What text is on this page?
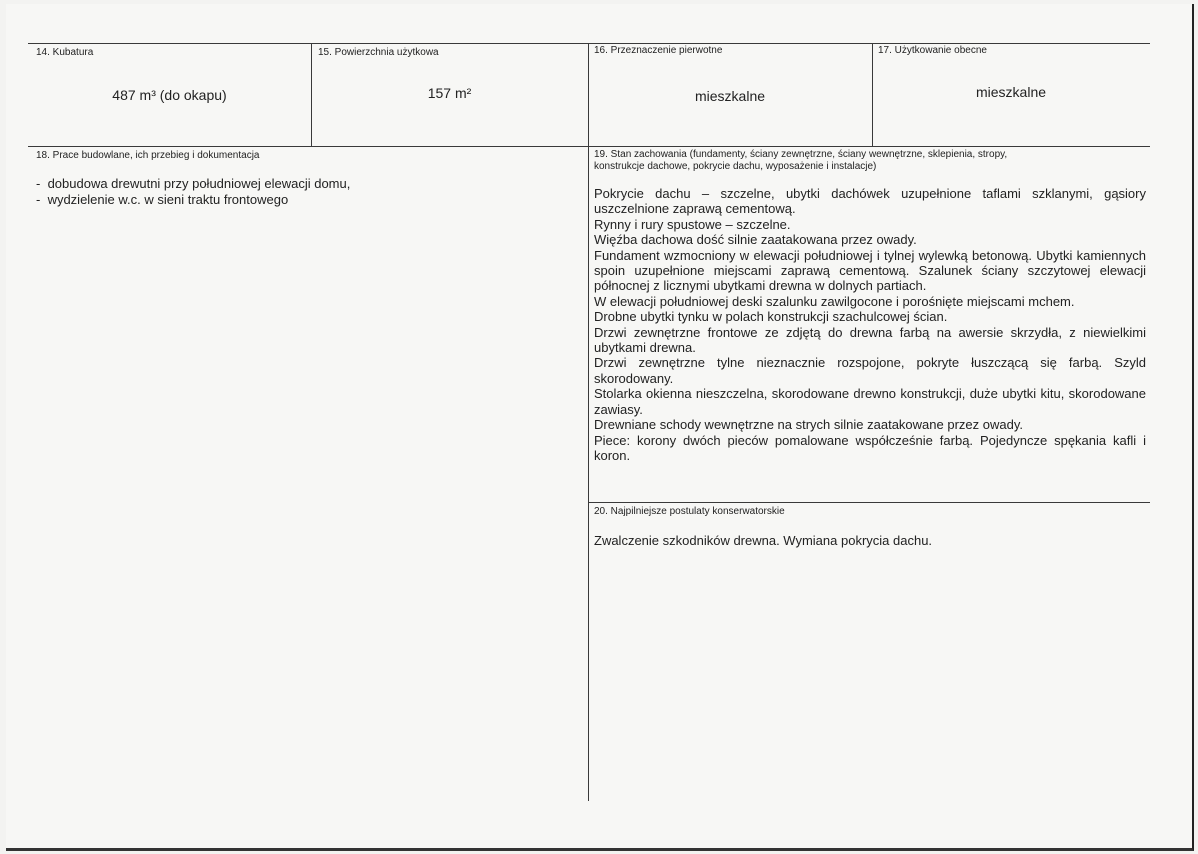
14. Kubatura
487 m³ (do okapu)
15. Powierzchnia użytkowa
157 m²
16. Przeznaczenie pierwotne
mieszkalne
17. Użytkowanie obecne
mieszkalne
18. Prace budowlane, ich przebieg i dokumentacja
-  dobudowa drewutni przy południowej elewacji domu,
-  wydzielenie w.c. w sieni traktu frontowego
19. Stan zachowania (fundamenty, ściany zewnętrzne, ściany wewnętrzne, sklepienia, stropy,
konstrukcje dachowe, pokrycie dachu, wyposażenie i instalacje)
Pokrycie dachu – szczelne, ubytki dachówek uzupełnione taflami szklanymi, gąsiory uszczelnione zaprawą cementową.
Rynny i rury spustowe – szczelne.
Więźba dachowa dość silnie zaatakowana przez owady.
Fundament wzmocniony w elewacji południowej i tylnej wylewką betonową. Ubytki kamiennych spoin uzupełnione miejscami zaprawą cementową. Szalunek ściany szczytowej elewacji północnej z licznymi ubytkami drewna w dolnych partiach.
W elewacji południowej deski szalunku zawilgocone i porośnięte miejscami mchem.
Drobne ubytki tynku w polach konstrukcji szachulcowej ścian.
Drzwi zewnętrzne frontowe ze zdjętą do drewna farbą na awersie skrzydła, z niewielkimi ubytkami drewna.
Drzwi zewnętrzne tylne nieznacznie rozspojone, pokryte łuszczącą się farbą. Szyld skorodowany.
Stolarka okienna nieszczelna, skorodowane drewno konstrukcji, duże ubytki kitu, skorodowane zawiasy.
Drewniane schody wewnętrzne na strych silnie zaatakowane przez owady.
Piece: korony dwóch pieców pomalowane współcześnie farbą. Pojedyncze spękania kafli i koron.
20. Najpilniejsze postulaty konserwatorskie
Zwalczenie szkodników drewna. Wymiana pokrycia dachu.
